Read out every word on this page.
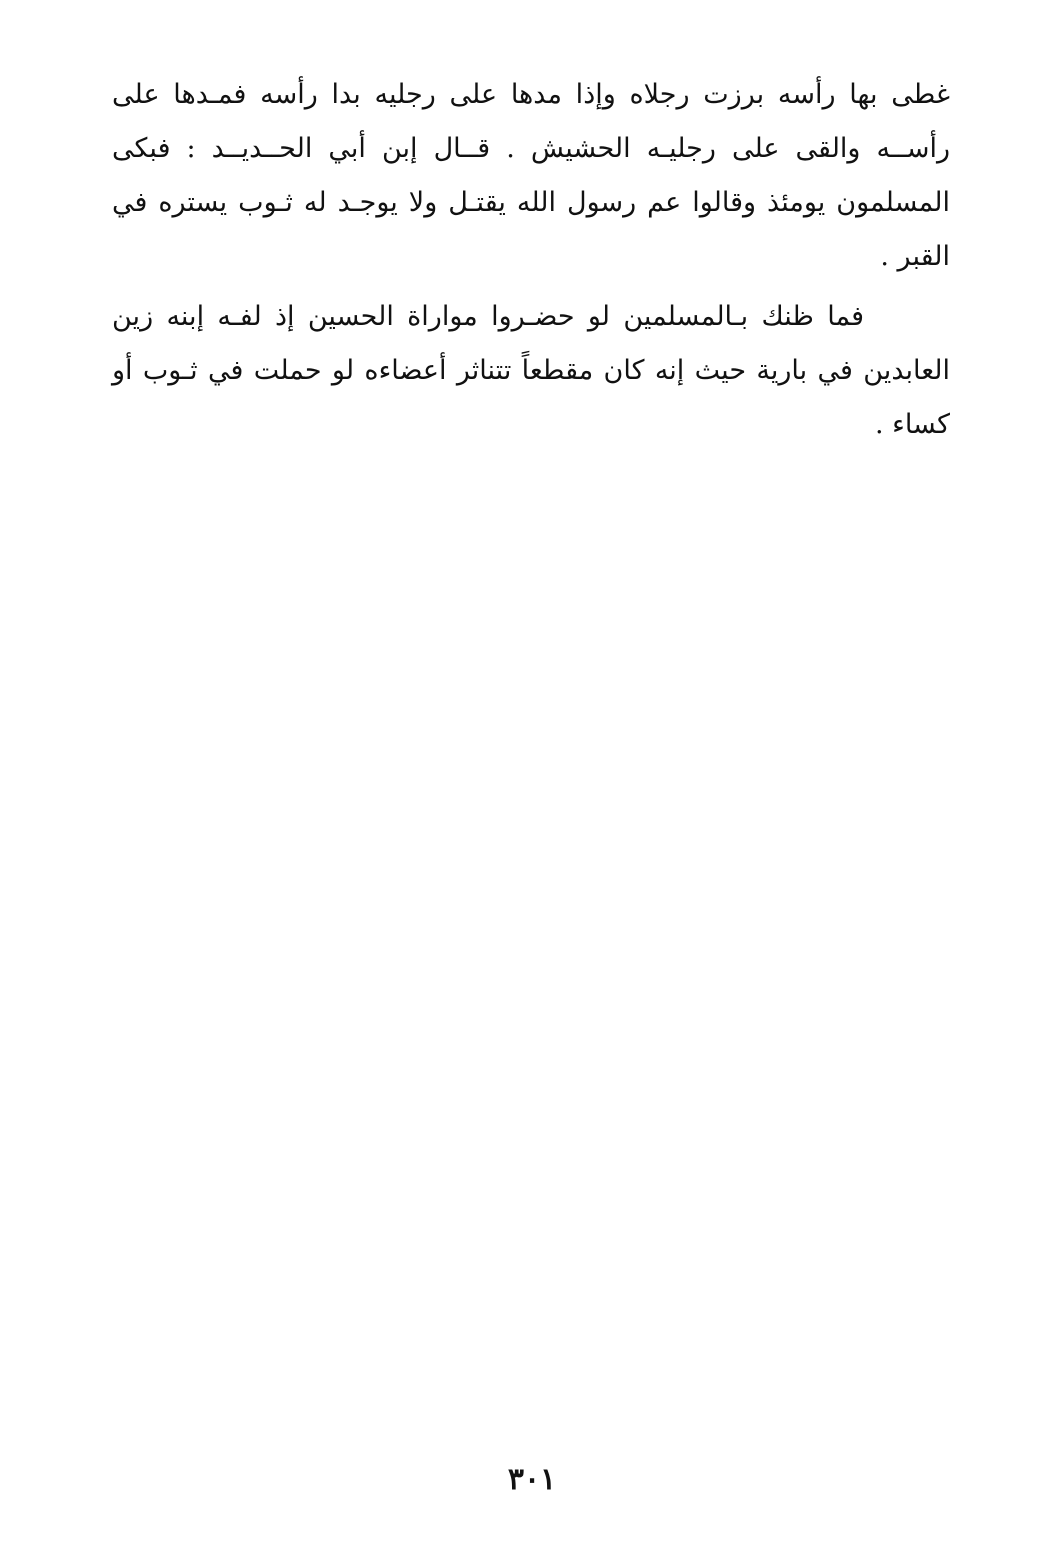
غطى بها رأسه برزت رجلاه وإذا مدها على رجليه بدا رأسه فمـدها على رأســه والقى على رجليـه الحشيش . قــال إبن أبي الحــديــد : فبكى المسلمون يومئذ وقالوا عم رسول الله يقتـل ولا يوجـد له ثـوب يستره في القبر .

فما ظنك بـالمسلمين لو حضـروا مواراة الحسين إذ لفـه إبنه زين العابدين في بارية حيث إنه كان مقطعاً تتناثر أعضاءه لو حملت في ثـوب أو كساء .

٣٠١
